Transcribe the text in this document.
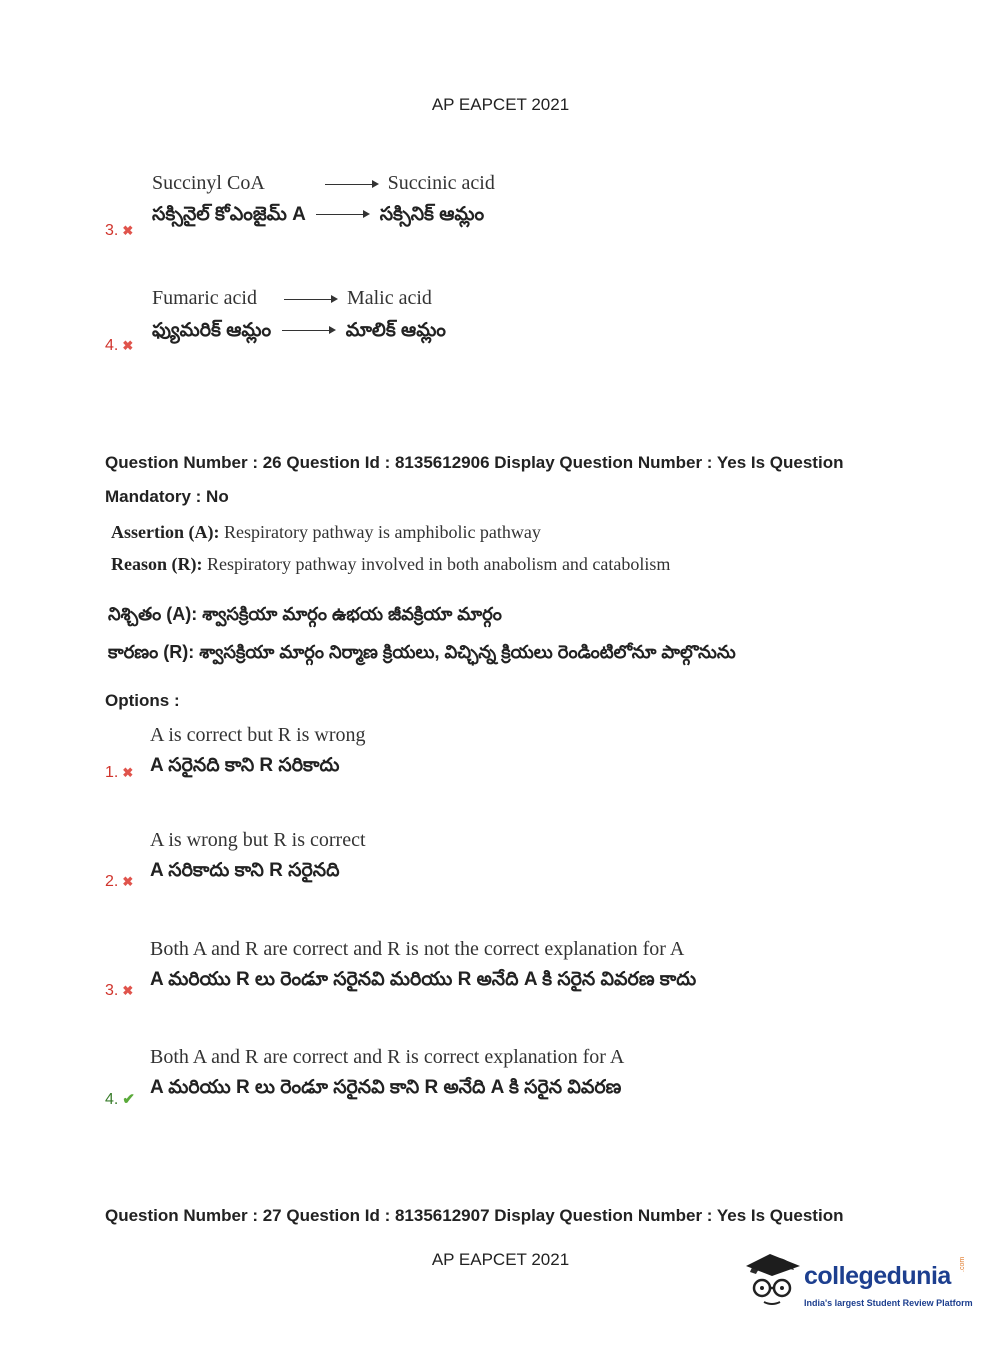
AP EAPCET 2021
Succinyl CoA	Succinic acid
సక్సినైల్ కోఎంజైమ్ A	సక్సినిక్ ఆమ్లం
3. ✖
Fumaric acid	Malic acid
ఫ్యుమరిక్ ఆమ్లం	మాలిక్ ఆమ్లం
4. ✖
Question Number : 26 Question Id : 8135612906 Display Question Number : Yes Is Question
Mandatory : No
Assertion (A): Respiratory pathway is amphibolic pathway
Reason (R): Respiratory pathway involved in both anabolism and catabolism
నిశ్చితం (A): శ్వాసక్రియా మార్గం ఉభయ జీవక్రియా మార్గం
కారణం (R): శ్వాసక్రియా మార్గం నిర్మాణ క్రియలు, విచ్ఛిన్న క్రియలు రెండింటిలోనూ పాల్గొనును
Options :
A is correct but R is wrong
A సరైనది కాని R సరికాదు
1. ✖
A is wrong but R is correct
A సరికాదు కాని R సరైనది
2. ✖
Both A and R are correct and R is not the correct explanation for A
A మరియు R లు రెండూ సరైనవి మరియు R అనేది A కి సరైన వివరణ కాదు
3. ✖
Both A and R are correct and R is correct explanation for A
A మరియు R లు రెండూ సరైనవి కాని R అనేది A కి సరైన వివరణ
4. ✔
Question Number : 27 Question Id : 8135612907 Display Question Number : Yes Is Question
AP EAPCET 2021
collegedunia .com
India's largest Student Review Platform
